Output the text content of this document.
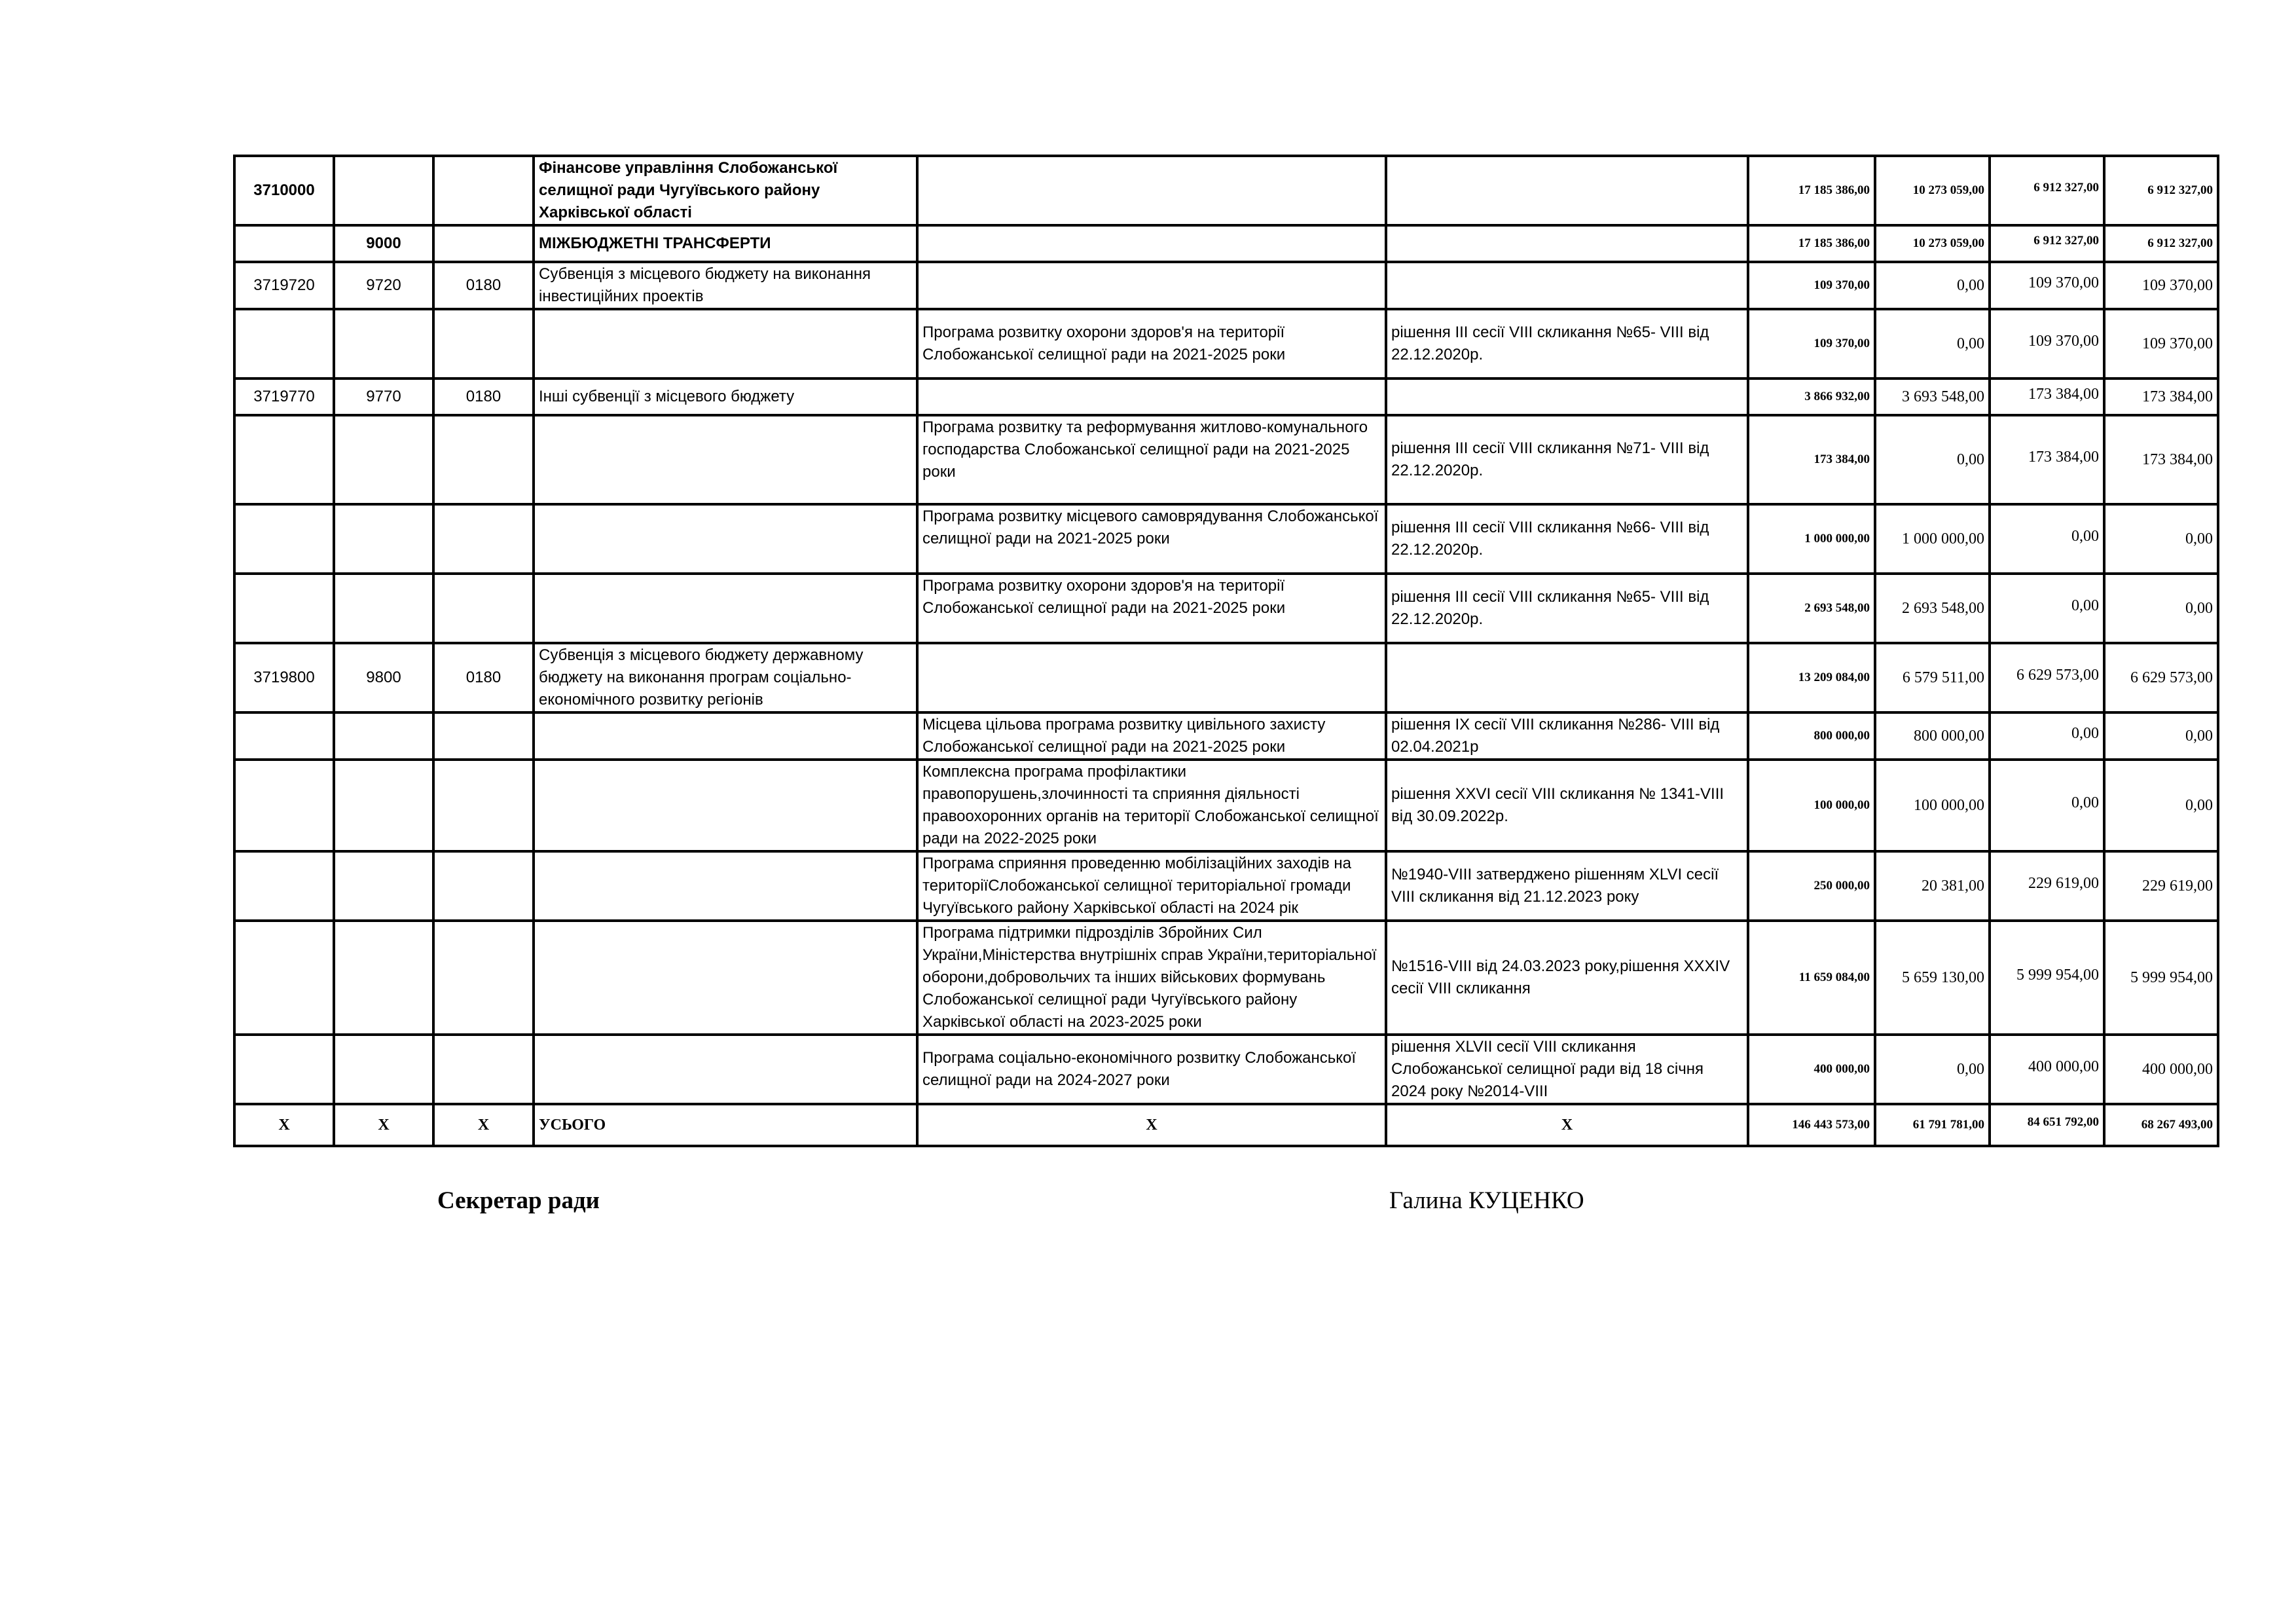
3710000			Фінансове управління Слобожанської селищної ради Чугуївського району Харківської області			17 185 386,00	10 273 059,00	6 912 327,00	6 912 327,00
	9000		МІЖБЮДЖЕТНІ ТРАНСФЕРТИ			17 185 386,00	10 273 059,00	6 912 327,00	6 912 327,00
3719720	9720	0180	Субвенція з місцевого бюджету на виконання інвестиційних проектів			109 370,00	0,00	109 370,00	109 370,00
				Програма розвитку охорони здоров'я на території Слобожанської селищної ради на 2021-2025 роки	рішення ІІІ сесії VIІІ скликання №65- VIІІ від 22.12.2020р.	109 370,00	0,00	109 370,00	109 370,00
3719770	9770	0180	Інші субвенції з місцевого бюджету			3 866 932,00	3 693 548,00	173 384,00	173 384,00
				Програма розвитку та реформування житлово-комунального господарства Слобожанської селищної ради на 2021-2025 роки	рішення ІІІ сесії VIІІ скликання №71- VIІІ від 22.12.2020р.	173 384,00	0,00	173 384,00	173 384,00
				Програма розвитку місцевого самоврядування Слобожанської селищної ради на 2021-2025 роки	рішення ІІІ сесії VIІІ скликання №66- VIІІ від 22.12.2020р.	1 000 000,00	1 000 000,00	0,00	0,00
				Програма розвитку охорони здоров'я на території Слобожанської селищної ради на 2021-2025 роки	рішення ІІІ сесії VIІІ скликання №65- VIІІ від 22.12.2020р.	2 693 548,00	2 693 548,00	0,00	0,00
3719800	9800	0180	Субвенція з місцевого бюджету державному бюджету на виконання програм соціально-економічного розвитку регіонів			13 209 084,00	6 579 511,00	6 629 573,00	6 629 573,00
				Місцева цільова програма розвитку цивільного захисту Слобожанської селищної ради на 2021-2025 роки	рішення IХ сесії VIІІ скликання №286- VIІІ від 02.04.2021р	800 000,00	800 000,00	0,00	0,00
				Комплексна програма профілактики правопорушень,злочинності та сприяння діяльності правоохоронних органів на території Слобожанської селищної ради на 2022-2025 роки	рішення ХХVI сесії VIІІ скликання № 1341-VIII від 30.09.2022р.	100 000,00	100 000,00	0,00	0,00
				Програма сприяння проведенню мобілізаційних заходів на територіїСлобожанської селищної територіальної громади Чугуївського району Харківської області на 2024 рік	№1940-VIII затверджено рішенням XLVI сесії VIII скликання від 21.12.2023 року	250 000,00	20 381,00	229 619,00	229 619,00
				Програма підтримки підрозділів Збройних Сил України,Міністерства внутрішніх справ України,територіальної оборони,добровольчих та інших військових формувань Слобожанської селищної ради Чугуївського району Харківської області на 2023-2025 роки	№1516-VIII від 24.03.2023 року,рішення XXXIV сесії VIII скликання	11 659 084,00	5 659 130,00	5 999 954,00	5 999 954,00
				Програма соціально-економічного розвитку Слобожанської селищної ради на 2024-2027 роки	рішення XLVII сесії VIII скликання Слобожанської селищної ради від 18 січня 2024 року №2014-VIII	400 000,00	0,00	400 000,00	400 000,00
Х	Х	Х	УСЬОГО	Х	Х	146 443 573,00	61 791 781,00	84 651 792,00	68 267 493,00
Секретар ради	Галина КУЦЕНКО
